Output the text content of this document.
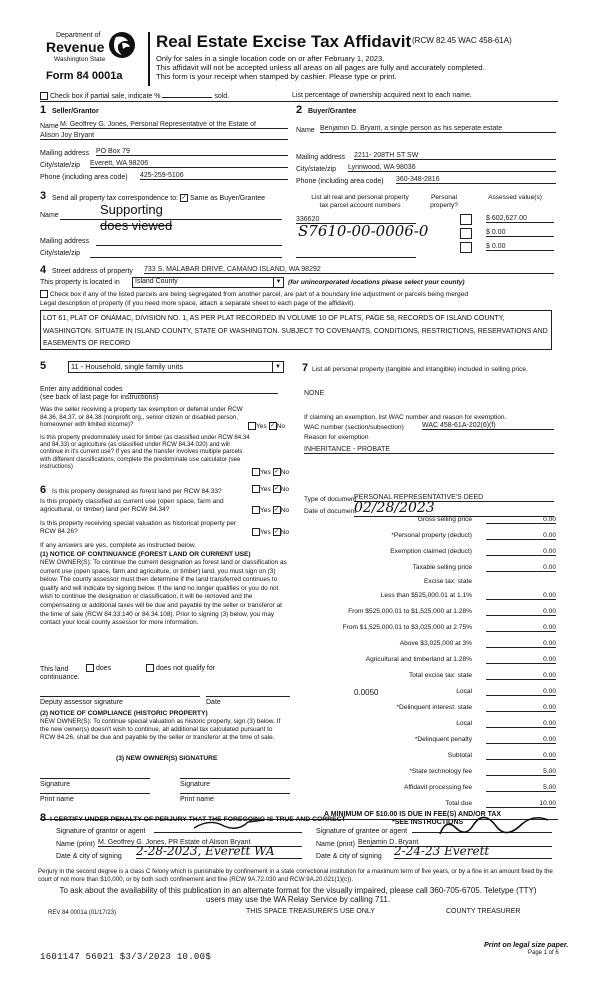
Department of
Revenue
Washington State
Form 84 0001a
Real Estate Excise Tax Affidavit (RCW 82.45 WAC 458-61A)
Only for sales in a single location code on or after February 1, 2023.
This affidavit will not be accepted unless all areas on all pages are fully and accurately completed.
This form is your receipt when stamped by cashier. Please type or print.
Check box if partial sale, indicate %	sold.	List percentage of ownership acquired next to each name.
1 Seller/Grantor
Name M. Geoffrey G. Jones, Personal Representative of the Estate of
Alison Joy Bryant
Mailing address PO Box 79
City/state/zip Everett, WA 98206
Phone (including area code) 425-259-5106
2 Buyer/Grantee
Name Benjamin D. Bryant, a single person as his seperate estate
Mailing address 2211- 208TH ST SW
City/state/zip Lynnwood, WA 98036
Phone (including area code) 360-348-2816
3 Send all property tax correspondence to: ✓ Same as Buyer/Grantee
Name	Supporting
does viewed
Mailing address
City/state/zip
List all real and personal property tax parcel account numbers
Personal property?
Assessed value(s)
336620
S7610-00-0006-0
$ 602,627.00
$ 0.00
$ 0.00
4 Street address of property 733 S. MALABAR DRIVE, CAMANO ISLAND, WA 98292
This property is located in	Island County	▼ (for unincorporated locations please select your county)
Check box if any of the listed parcels are being segregated from another parcel, are part of a boundary line adjustment or parcels being merged
Legal description of property (if you need more space, attach a separate sheet to each page of the affidavit).
LOT 61, PLAT OF ONAMAC, DIVISION NO. 1, AS PER PLAT RECORDED IN VOLUME 10 OF PLATS, PAGE 58, RECORDS OF ISLAND COUNTY, WASHINGTON. SITUATE IN ISLAND COUNTY, STATE OF WASHINGTON. SUBJECT TO COVENANTS, CONDITIONS, RESTRICTIONS, RESERVATIONS AND EASEMENTS OF RECORD
5	11 - Household, single family units	▼
Enter any additional codes
(see back of last page for instructions)
Was the seller receiving a property tax exemption or deferral under RCW 84.36, 84.37, or 84.38 (nonprofit org., senior citizen or disabled person, homeowner with limited income)?	Yes ✓No
Is this property predominately used for timber (as classified under RCW 84.34 and 84.33) or agriculture (as classified under RCW 84.34.020) and will continue in it's current use? If yes and the transfer involves multiple parcels with different classifications, complete the predominate use calculator (see instructions)
Yes ✓No
6 Is this property designated as forest land per RCW 84.33?	Yes ✓No
Is this property classified as current use (open space, farm and agricultural, or timber) land per RCW 84.34?	Yes ✓No
Is this property receiving special valuation as historical property per RCW 84.26?	Yes ✓No
If any answers are yes, complete as instructed below.
(1) NOTICE OF CONTINUANCE (FOREST LAND OR CURRENT USE)
NEW OWNER(S): To continue the current designation as forest land or classification as current use (open space, farm and agriculture, or timber) land, you must sign on (3) below. The county assessor must then determine if the land transferred continues to qualify and will indicate by signing below. If the land no longer qualifies or you do not wish to continue the designation or classification, it will be removed and the compensating or additional taxes will be due and payable by the seller or transferor at the time of sale (RCW 84.33.140 or 84.34.108). Prior to signing (3) below, you may contact your local county assessor for more information.
This land	does	does not qualify for
continuance.
Deputy assessor signature	Date
(2) NOTICE OF COMPLIANCE (HISTORIC PROPERTY)
NEW OWNER(S): To continue special valuation as historic property, sign (3) below. If the new owner(s) doesn't wish to continue, all additional tax calculated pursuant to RCW 84.26, shall be due and payable by the seller or transferor at the time of sale.
(3) NEW OWNER(S) SIGNATURE
Signature	Signature
Print name	Print name
7 List all personal property (tangible and intangible) included in selling price.
NONE
If claiming an exemption, list WAC number and reason for exemption.
WAC number (section/subsection)	WAC 458-61A-202(6)(f)
Reason for exemption
INHERITANCE - PROBATE
Type of document
PERSONAL REPRESENTATIVE'S DEED
Date of document
02/28/2023
Gross selling price	0.00
*Personal property (deduct)	0.00
Exemption claimed (deduct)	0.00
Taxable selling price	0.00
Excise tax: state
Less than $525,000.01 at 1.1%	0.00
From $525,000.01 to $1,525,000 at 1.28%	0.00
From $1,525,000.01 to $3,025,000 at 2.75%	0.00
Above $3,025,000 at 3%	0.00
Agricultural and timberland at 1.28%	0.00
Total excise tax: state	0.00
0.0050	Local	0.00
*Delinquent interest: state	0.00
Local	0.00
*Delinquent penalty	0.00
Subtotal	0.00
*State technology fee	5.00
Affidavit processing fee	5.00
Total due	10.00
A MINIMUM OF $10.00 IS DUE IN FEE(S) AND/OR TAX
*SEE INSTRUCTIONS
8 I CERTIFY UNDER PENALTY OF PERJURY THAT THE FOREGOING IS TRUE AND CORRECT
Signature of grantor or agent	Signature of grantee or agent
Name (print) M. Geoffrey G. Jones, PR Estate of Alison Bryant	Name (print) Benjamin D. Bryant
Date & city of signing 2-28-2023, Everett WA	Date & city of signing 2-24-23 Everett
Perjury in the second degree is a class C felony which is punishable by confinement in a state correctional institution for a maximum term of five years, or by a fine in an amount fixed by the court of not more than $10,000, or by both such confinement and fine (RCW 9A.72.030 and RCW 9A.20.021(1)(c)).
To ask about the availability of this publication in an alternate format for the visually impaired, please call 360-705-6705. Teletype (TTY) users may use the WA Relay Service by calling 711.
REV 84 0001a (01/17/23)	THIS SPACE TREASURER'S USE ONLY	COUNTY TREASURER
Print on legal size paper.
Page 1 of 6
1601147 56021 $3/3/2023 10.00$
